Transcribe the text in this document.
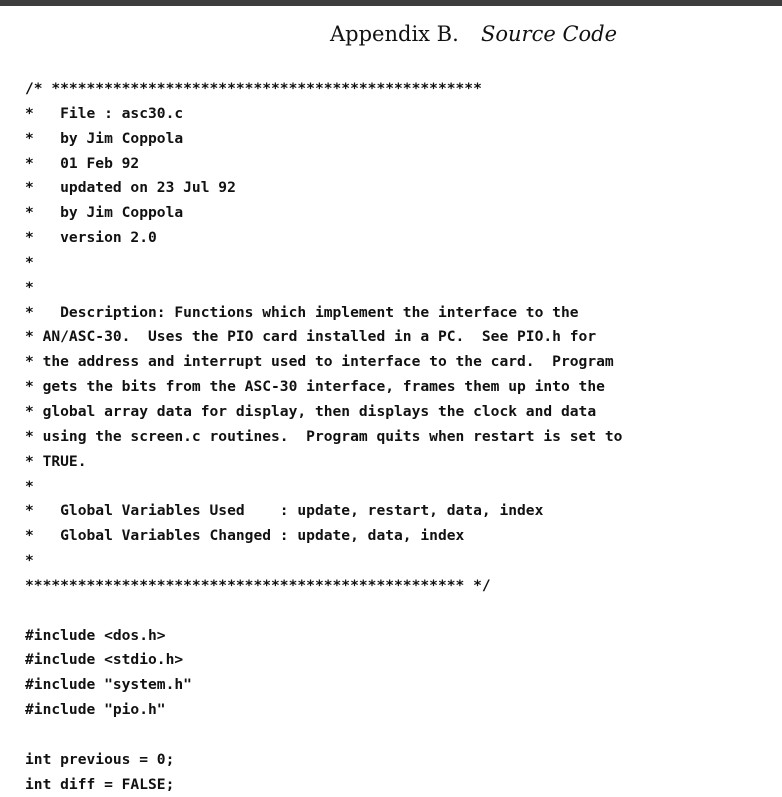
Appendix B. Source Code
/* *************************************************
*   File : asc30.c
*   by Jim Coppola
*   01 Feb 92
*   updated on 23 Jul 92
*   by Jim Coppola
*   version 2.0
*
*
*   Description: Functions which implement the interface to the
* AN/ASC-30.  Uses the PIO card installed in a PC.  See PIO.h for
* the address and interrupt used to interface to the card.  Program
* gets the bits from the ASC-30 interface, frames them up into the
* global array data for display, then displays the clock and data
* using the screen.c routines.  Program quits when restart is set to
* TRUE.
*
*   Global Variables Used    : update, restart, data, index
*   Global Variables Changed : update, data, index
*
************************************************** */
#include <dos.h>
#include <stdio.h>
#include "system.h"
#include "pio.h"
int previous = 0;
int diff = FALSE;
